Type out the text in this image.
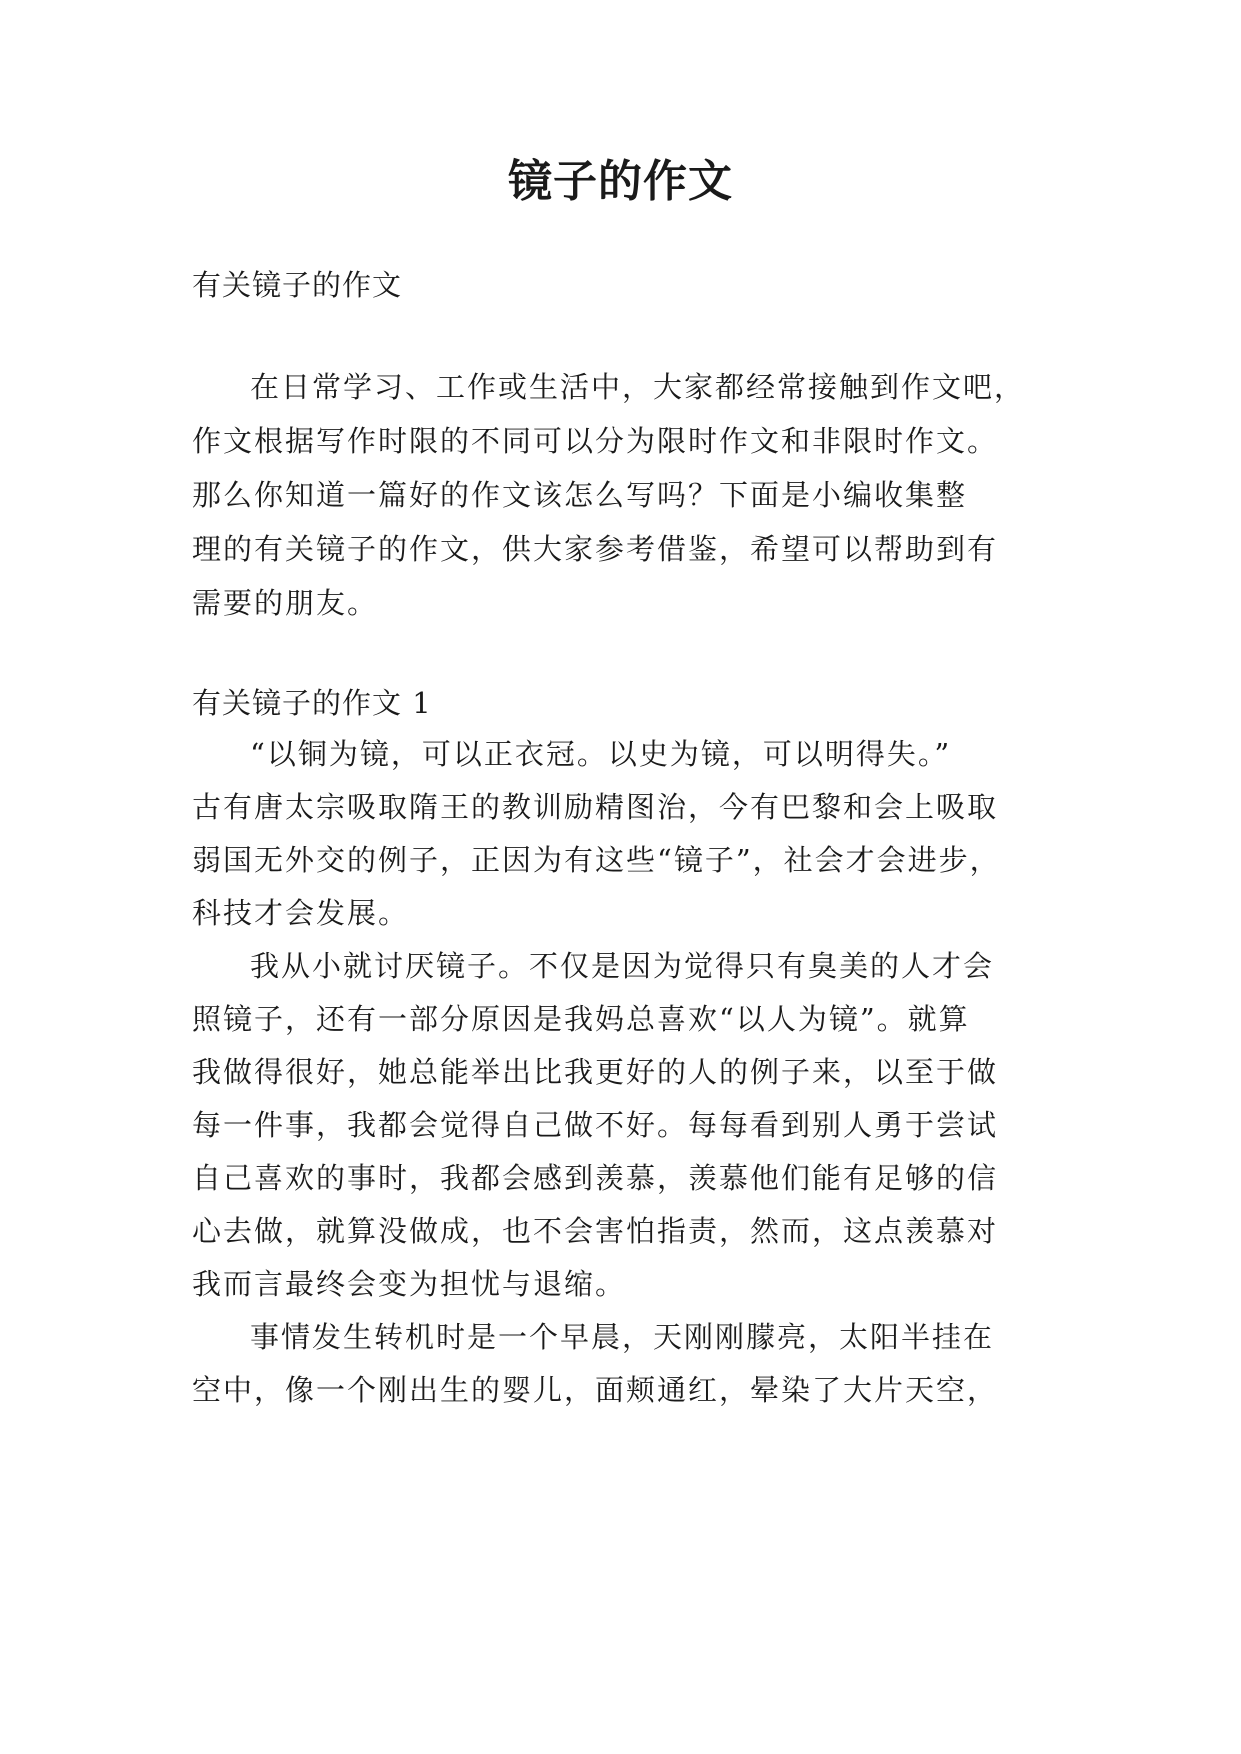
镜子的作文
有关镜子的作文
在日常学习、工作或生活中，大家都经常接触到作文吧，
作文根据写作时限的不同可以分为限时作文和非限时作文。
那么你知道一篇好的作文该怎么写吗？下面是小编收集整
理的有关镜子的作文，供大家参考借鉴，希望可以帮助到有
需要的朋友。
有关镜子的作文 1
“以铜为镜，可以正衣冠。以史为镜，可以明得失。”
古有唐太宗吸取隋王的教训励精图治，今有巴黎和会上吸取
弱国无外交的例子，正因为有这些“镜子”，社会才会进步，
科技才会发展。
我从小就讨厌镜子。不仅是因为觉得只有臭美的人才会
照镜子，还有一部分原因是我妈总喜欢“以人为镜”。就算
我做得很好，她总能举出比我更好的人的例子来，以至于做
每一件事，我都会觉得自己做不好。每每看到别人勇于尝试
自己喜欢的事时，我都会感到羡慕，羡慕他们能有足够的信
心去做，就算没做成，也不会害怕指责，然而，这点羡慕对
我而言最终会变为担忧与退缩。
事情发生转机时是一个早晨，天刚刚朦亮，太阳半挂在
空中，像一个刚出生的婴儿，面颊通红，晕染了大片天空，
